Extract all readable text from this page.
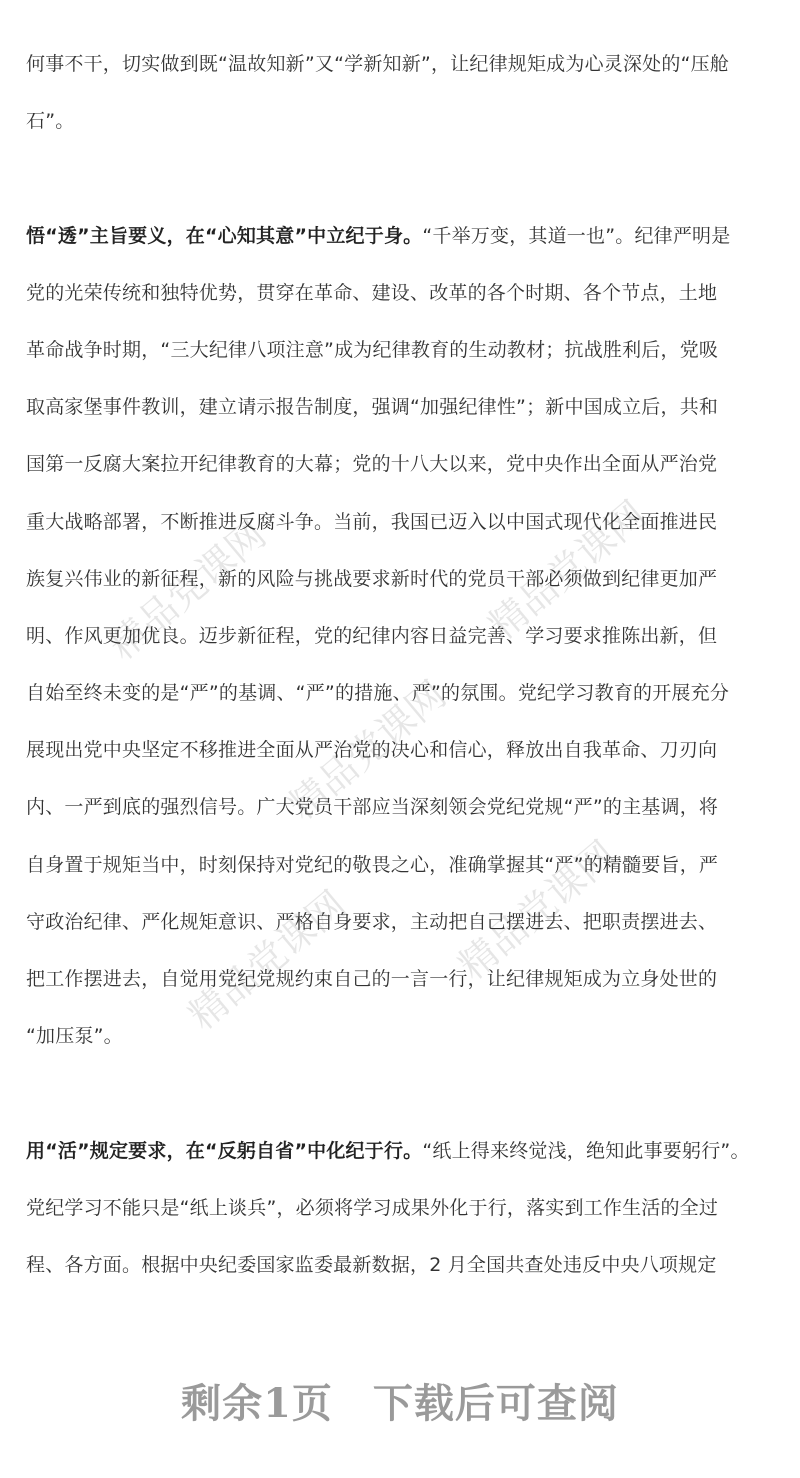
精品党课网	精品党课网
精品党课网
精品党课网	精品党课网
何事不干，切实做到既“温故知新”又“学新知新”，让纪律规矩成为心灵深处的“压舱
石”。
悟“透”主旨要义，在“心知其意”中立纪于身。“千举万变，其道一也”。纪律严明是
党的光荣传统和独特优势，贯穿在革命、建设、改革的各个时期、各个节点，土地
革命战争时期，“三大纪律八项注意”成为纪律教育的生动教材；抗战胜利后，党吸
取高家堡事件教训，建立请示报告制度，强调“加强纪律性”；新中国成立后，共和
国第一反腐大案拉开纪律教育的大幕；党的十八大以来，党中央作出全面从严治党
重大战略部署，不断推进反腐斗争。当前，我国已迈入以中国式现代化全面推进民
族复兴伟业的新征程，新的风险与挑战要求新时代的党员干部必须做到纪律更加严
明、作风更加优良。迈步新征程，党的纪律内容日益完善、学习要求推陈出新，但
自始至终未变的是“严”的基调、“严”的措施、严”的氛围。党纪学习教育的开展充分
展现出党中央坚定不移推进全面从严治党的决心和信心，释放出自我革命、刀刃向
内、一严到底的强烈信号。广大党员干部应当深刻领会党纪党规“严”的主基调，将
自身置于规矩当中，时刻保持对党纪的敬畏之心，准确掌握其“严”的精髓要旨，严
守政治纪律、严化规矩意识、严格自身要求，主动把自己摆进去、把职责摆进去、
把工作摆进去，自觉用党纪党规约束自己的一言一行，让纪律规矩成为立身处世的
“加压泵”。
用“活”规定要求，在“反躬自省”中化纪于行。“纸上得来终觉浅，绝知此事要躬行”。
党纪学习不能只是“纸上谈兵”，必须将学习成果外化于行，落实到工作生活的全过
程、各方面。根据中央纪委国家监委最新数据，2 月全国共查处违反中央八项规定
剩余1页 下载后可查阅
